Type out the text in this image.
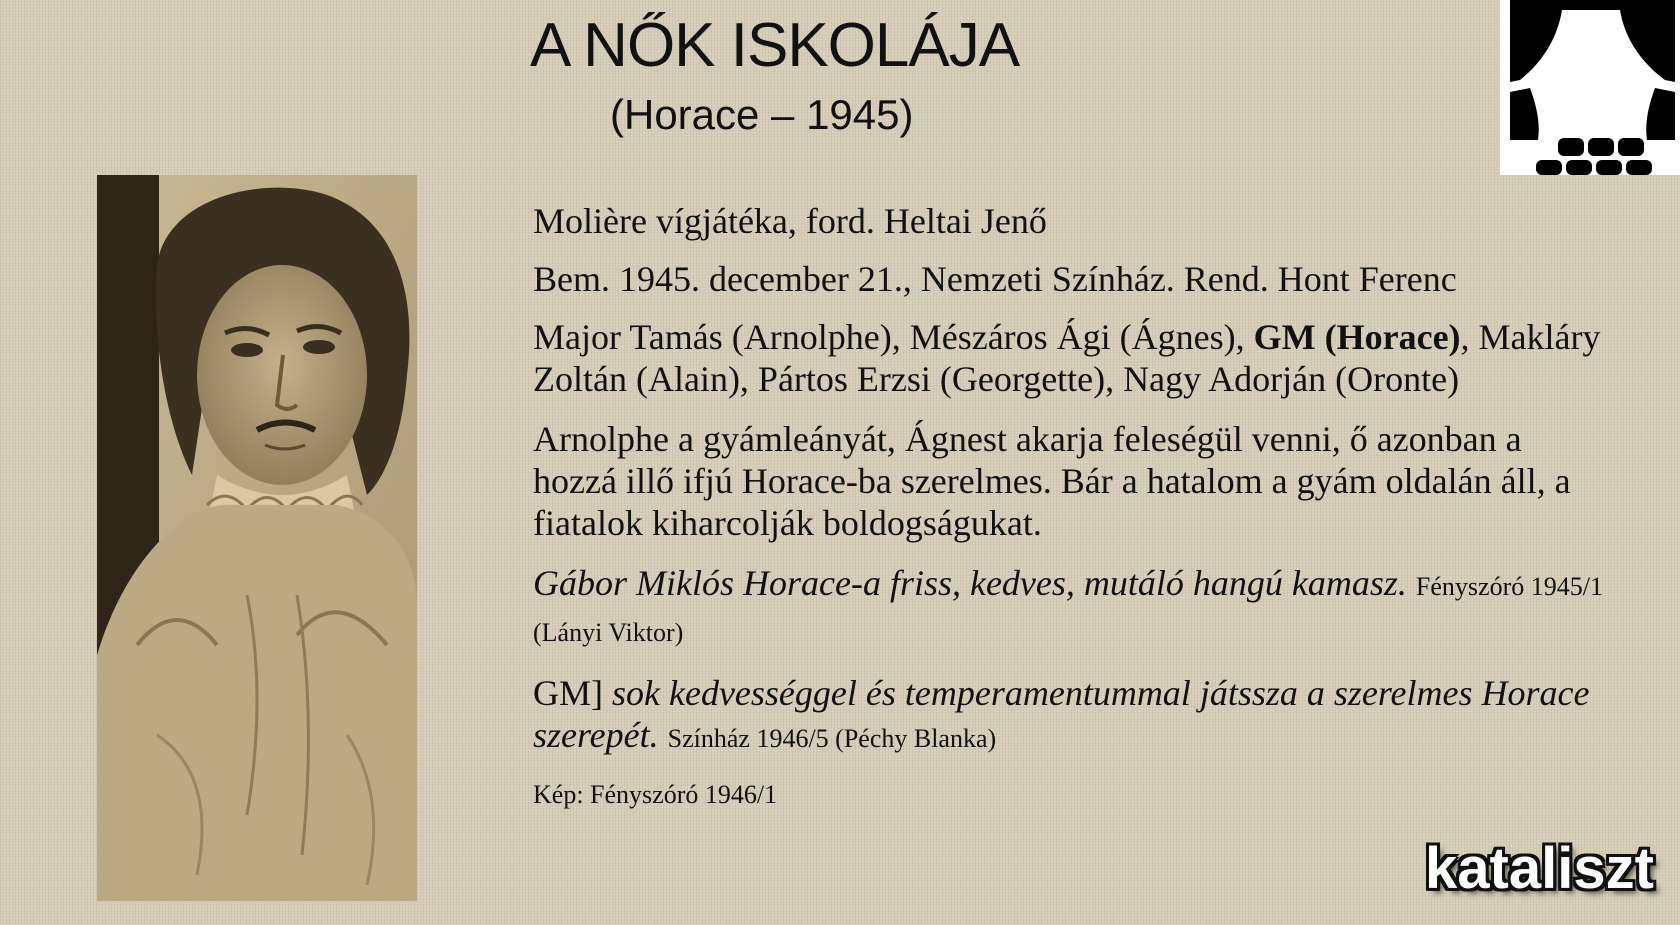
A NŐK ISKOLÁJA
(Horace – 1945)

Molière vígjátéka, ford. Heltai Jenő

Bem. 1945. december 21., Nemzeti Színház. Rend. Hont Ferenc

Major Tamás (Arnolphe), Mészáros Ági (Ágnes), GM (Horace), Makláry Zoltán (Alain), Pártos Erzsi (Georgette), Nagy Adorján (Oronte)

Arnolphe a gyámleányát, Ágnest akarja feleségül venni, ő azonban a hozzá illő ifjú Horace-ba szerelmes. Bár a hatalom a gyám oldalán áll, a fiatalok kiharcolják boldogságukat.

Gábor Miklós Horace-a friss, kedves, mutáló hangú kamasz. Fényszóró 1945/1 (Lányi Viktor)

GM] sok kedvességgel és temperamentummal játssza a szerelmes Horace szerepét. Színház 1946/5 (Péchy Blanka)

Kép: Fényszóró 1946/1
kataliszt
